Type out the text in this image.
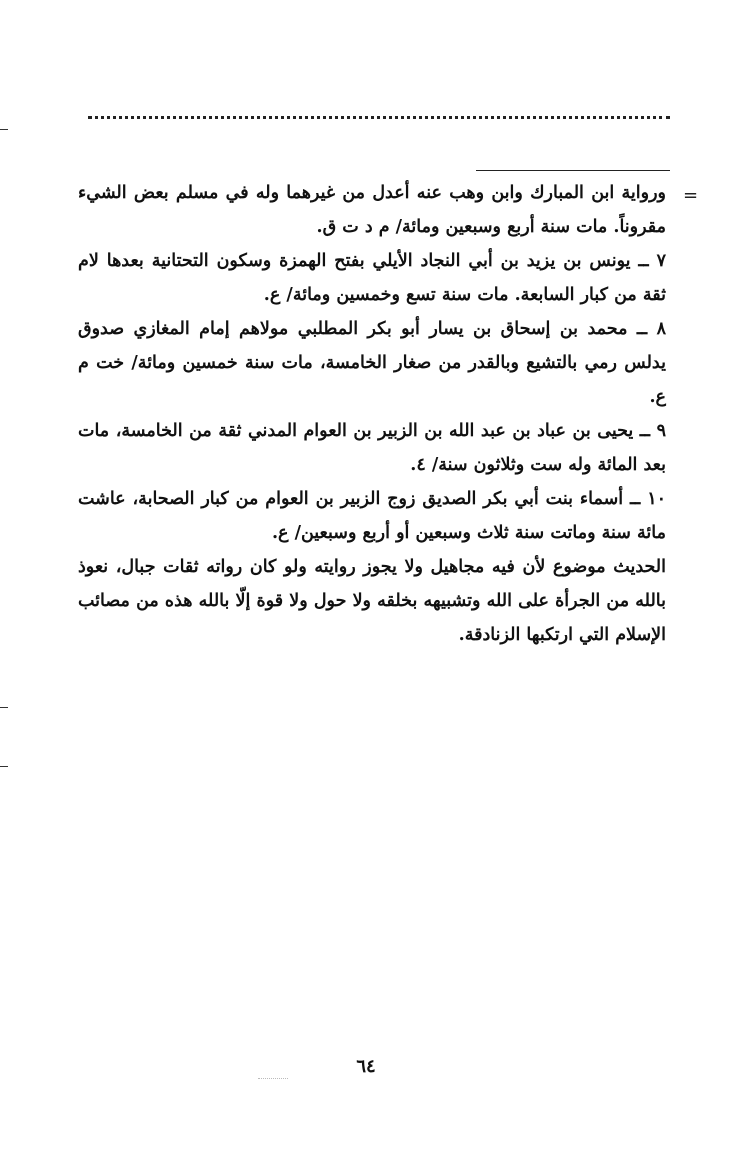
=

ورواية ابن المبارك وابن وهب عنه أعدل من غيرهما وله في مسلم بعض الشيء مقروناً. مات سنة أربع وسبعين ومائة/ م د ت ق.

٧ ــ يونس بن يزيد بن أبي النجاد الأيلي بفتح الهمزة وسكون التحتانية بعدها لام ثقة من كبار السابعة. مات سنة تسع وخمسين ومائة/ ع.

٨ ــ محمد بن إسحاق بن يسار أبو بكر المطلبي مولاهم إمام المغازي صدوق يدلس رمي بالتشيع وبالقدر من صغار الخامسة، مات سنة خمسين ومائة/ خت م ع.

٩ ــ يحيى بن عباد بن عبد الله بن الزبير بن العوام المدني ثقة من الخامسة، مات بعد المائة وله ست وثلاثون سنة/ ٤.

١٠ ــ أسماء بنت أبي بكر الصديق زوج الزبير بن العوام من كبار الصحابة، عاشت مائة سنة وماتت سنة ثلاث وسبعين أو أربع وسبعين/ ع.

الحديث موضوع لأن فيه مجاهيل ولا يجوز روايته ولو كان رواته ثقات جبال، نعوذ بالله من الجرأة على الله وتشبيهه بخلقه ولا حول ولا قوة إلّا بالله هذه من مصائب الإسلام التي ارتكبها الزنادقة.

٦٤
